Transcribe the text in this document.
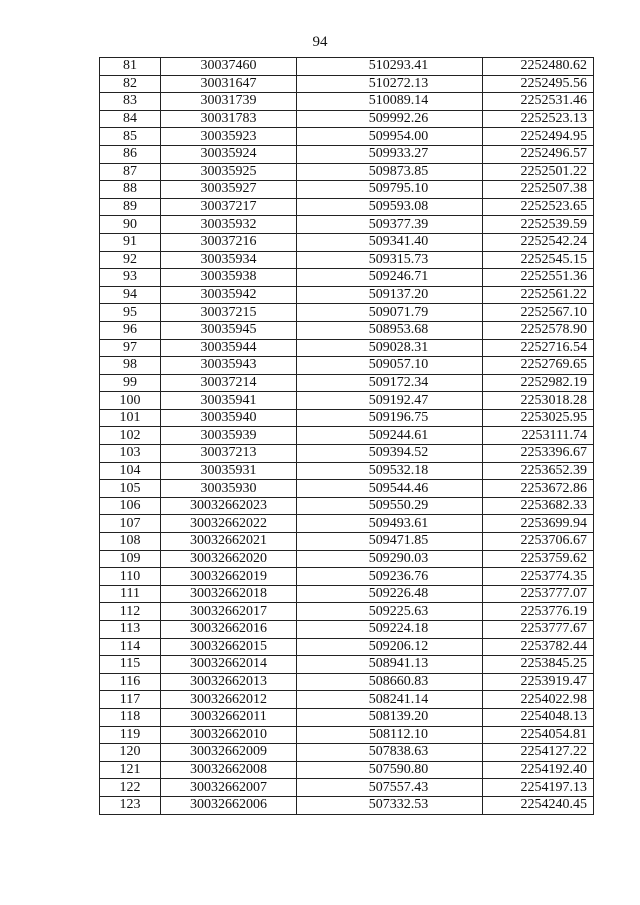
94
81	30037460	510293.41	2252480.62
82	30031647	510272.13	2252495.56
83	30031739	510089.14	2252531.46
84	30031783	509992.26	2252523.13
85	30035923	509954.00	2252494.95
86	30035924	509933.27	2252496.57
87	30035925	509873.85	2252501.22
88	30035927	509795.10	2252507.38
89	30037217	509593.08	2252523.65
90	30035932	509377.39	2252539.59
91	30037216	509341.40	2252542.24
92	30035934	509315.73	2252545.15
93	30035938	509246.71	2252551.36
94	30035942	509137.20	2252561.22
95	30037215	509071.79	2252567.10
96	30035945	508953.68	2252578.90
97	30035944	509028.31	2252716.54
98	30035943	509057.10	2252769.65
99	30037214	509172.34	2252982.19
100	30035941	509192.47	2253018.28
101	30035940	509196.75	2253025.95
102	30035939	509244.61	2253111.74
103	30037213	509394.52	2253396.67
104	30035931	509532.18	2253652.39
105	30035930	509544.46	2253672.86
106	30032662023	509550.29	2253682.33
107	30032662022	509493.61	2253699.94
108	30032662021	509471.85	2253706.67
109	30032662020	509290.03	2253759.62
110	30032662019	509236.76	2253774.35
111	30032662018	509226.48	2253777.07
112	30032662017	509225.63	2253776.19
113	30032662016	509224.18	2253777.67
114	30032662015	509206.12	2253782.44
115	30032662014	508941.13	2253845.25
116	30032662013	508660.83	2253919.47
117	30032662012	508241.14	2254022.98
118	30032662011	508139.20	2254048.13
119	30032662010	508112.10	2254054.81
120	30032662009	507838.63	2254127.22
121	30032662008	507590.80	2254192.40
122	30032662007	507557.43	2254197.13
123	30032662006	507332.53	2254240.45
